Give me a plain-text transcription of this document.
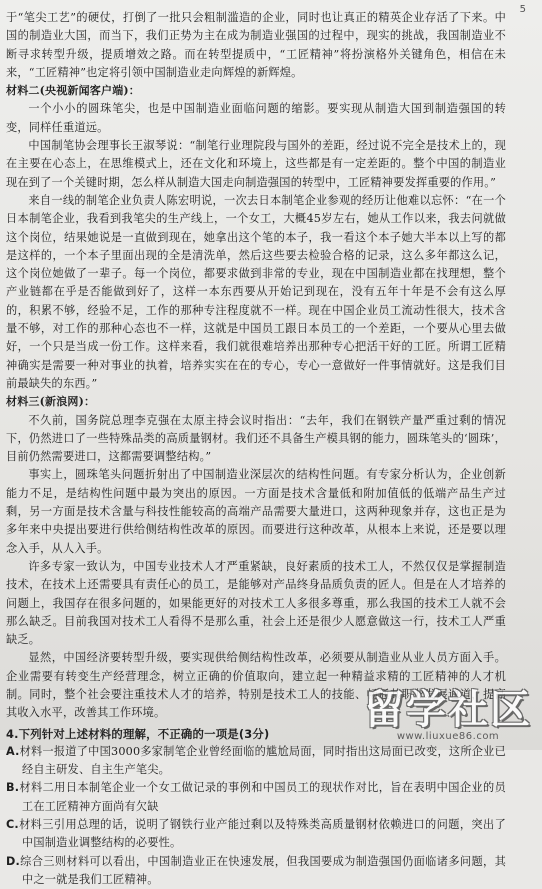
5

于“笔尖工艺”的硬仗，打倒了一批只会粗制滥造的企业，同时也让真正的精英企业存活了下来。中国的制造业大国，而当下，我们正势为主在成为制造业强国的过程中，现实的挑战，我国制造业不断寻求转型升级，提质增效之路。而在转型提质中，“工匠精神”将扮演格外关键角色，相信在未来，“工匠精神”也定将引领中国制造业走向辉煌的新辉煌。

材料二(央视新闻客户端)：

一个小小的圆珠笔尖，也是中国制造业面临问题的缩影。要实现从制造大国到制造强国的转变，同样任重道远。

中国制笔协会理事长王淑琴说：“制笔行业理院段与国外的差距，经过说不完全是技术上的，现在主要在心态上，在思维模式上，还在文化和环境上，这些都是有一定差距的。整个中国的制造业现在到了一个关键时期，怎么样从制造大国走向制造强国的转型中，工匠精神要发挥重要的作用。”

来自一线的制笔企业负责人陈宏明说，一次去日本制笔企业参观的经历让他难以忘怀：“在一个日本制笔企业，我看到我笔尖的生产线上，一个女工，大概45岁左右，她从工作以来，我去问就做这个岗位，结果她说是一直做到现在，她拿出这个笔的本子，我一看这个本子她大半本以上写的都是这样的，一个本子里面出现的全是清洗单，然后这些要去检验合格的记录，这么多年都这么记，这个岗位她做了一辈子。每一个岗位，都要求做到非常的专业，现在中国制造业都在找理想，整个产业链都在乎是否能做到好了，这样一本东西要从开始记到现在，没有五年十年是不会有这么厚的，积累不够，经验不足，工作的那种专注程度就不一样。现在中国企业员工流动性很大，技术含量不够，对工作的那种心态也不一样，这就是中国员工跟日本员工的一个差距，一个要从心里去做好，一个只是当成一份工作。这样来看，我们就很难培养出那种专心把活干好的工匠。所谓工匠精神确实是需要一种对事业的执着，培养实实在在的专心，专心一意做好一件事情就好。这是我们目前最缺失的东西。”

材料三(新浪网)：

不久前，国务院总理李克强在太原主持会议时指出：“去年，我们在钢铁产量严重过剩的情况下，仍然进口了一些特殊品类的高质量钢材。我们还不具备生产模具钢的能力，圆珠笔头的‘圆珠’，目前仍然需要进口，这都需要调整结构。”

事实上，圆珠笔头问题折射出了中国制造业深层次的结构性问题。有专家分析认为，企业创新能力不足，是结构性问题中最为突出的原因。一方面是技术含量低和附加值低的低端产品生产过剩，另一方面是技术含量与科技性能较高的高端产品需要大量进口，这两种现象并存，这也正是为多年来中央提出要进行供给侧结构性改革的原因。而要进行这种改革，从根本上来说，还是要以理念入手，从人入手。

许多专家一致认为，中国专业技术人才严重紧缺，良好素质的技术工人，不然仅仅是掌握制造技术，在技术上还需要具有责任心的员工，是能够对产品终身品质负责的匠人。但是在人才培养的问题上，我国存在很多问题的，如果能更好的对技术工人多很多尊重，那么我国的技术工人就不会那么缺乏。目前我国对技术工人看得不是那么重，社会上还是很少人愿意做这一行，技术工人严重缺乏。

显然，中国经济要转型升级，要实现供给侧结构性改革，必须要从制造业从业人员方面入手。企业需要有转变生产经营理念，树立正确的价值取向，建立起一种精益求精的工匠精神的人才机制。同时，整个社会要注重技术人才的培养，特别是技术工人的技能、畅通其职业发展通道，提高其收入水平，改善其工作环境。

4.下列针对上述材料的理解，不正确的一项是(3分)

A.材料一报道了中国3000多家制笔企业曾经面临的尴尬局面，同时指出这局面已改变，这所企业已经自主研发、自主生产笔尖。

B.材料二用日本制笔企业一个女工做记录的事例和中国员工的现状作对比，旨在表明中国企业的员工在工匠精神方面尚有欠缺

C.材料三引用总理的话，说明了钢铁行业产能过剩以及特殊类高质量钢材依赖进口的问题，突出了中国制造业调整结构的必要性。

D.综合三则材料可以看出，中国制造业正在快速发展，但我国要成为制造强国仍面临诸多问题，其中之一就是我们工匠精神。

留学社区
www.liuxue86.com
